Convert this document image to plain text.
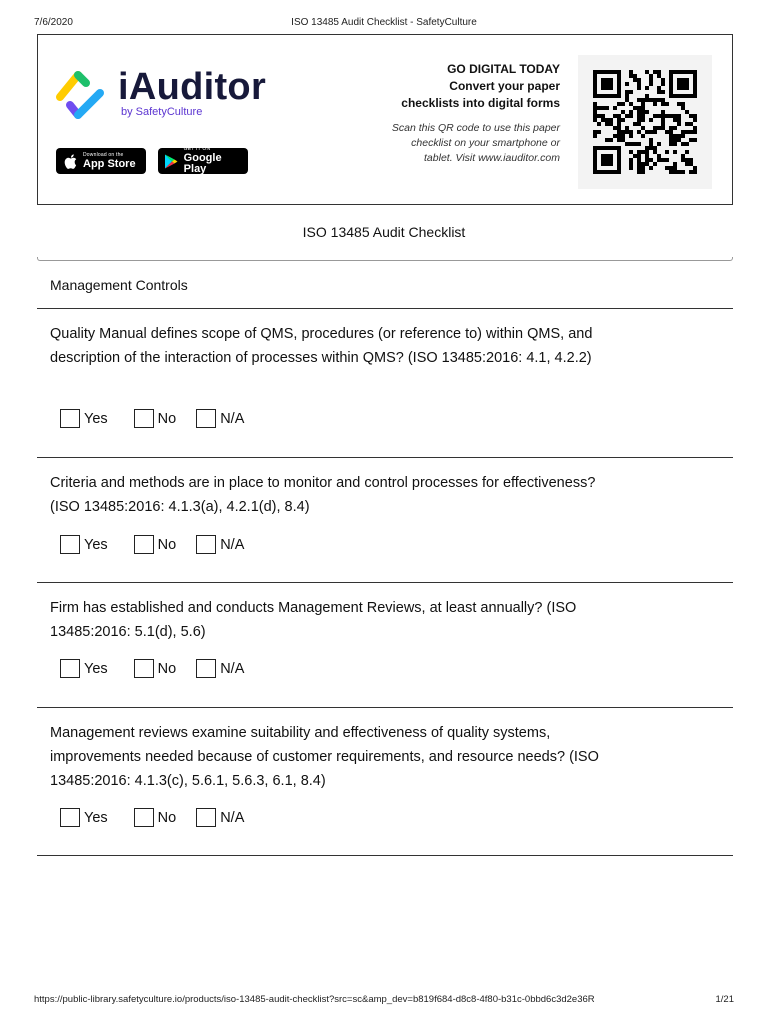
7/6/2020	ISO 13485 Audit Checklist - SafetyCulture
iAuditor
by SafetyCulture
Download on the
App Store
GET IT ON
Google Play
GO DIGITAL TODAY
Convert your paper
checklists into digital forms
Scan this QR code to use this paper checklist on your smartphone or tablet. Visit www.iauditor.com
ISO 13485 Audit Checklist
Management Controls
Quality Manual defines scope of QMS, procedures (or reference to) within QMS, and description of the interaction of processes within QMS? (ISO 13485:2016: 4.1, 4.2.2)
Yes	No	N/A
Criteria and methods are in place to monitor and control processes for effectiveness? (ISO 13485:2016: 4.1.3(a), 4.2.1(d), 8.4)
Yes	No	N/A
Firm has established and conducts Management Reviews, at least annually? (ISO 13485:2016: 5.1(d), 5.6)
Yes	No	N/A
Management reviews examine suitability and effectiveness of quality systems, improvements needed because of customer requirements, and resource needs? (ISO 13485:2016: 4.1.3(c), 5.6.1, 5.6.3, 6.1, 8.4)
Yes	No	N/A
https://public-library.safetyculture.io/products/iso-13485-audit-checklist?src=sc&amp_dev=b819f684-d8c8-4f80-b31c-0bbd6c3d2e36R	1/21
